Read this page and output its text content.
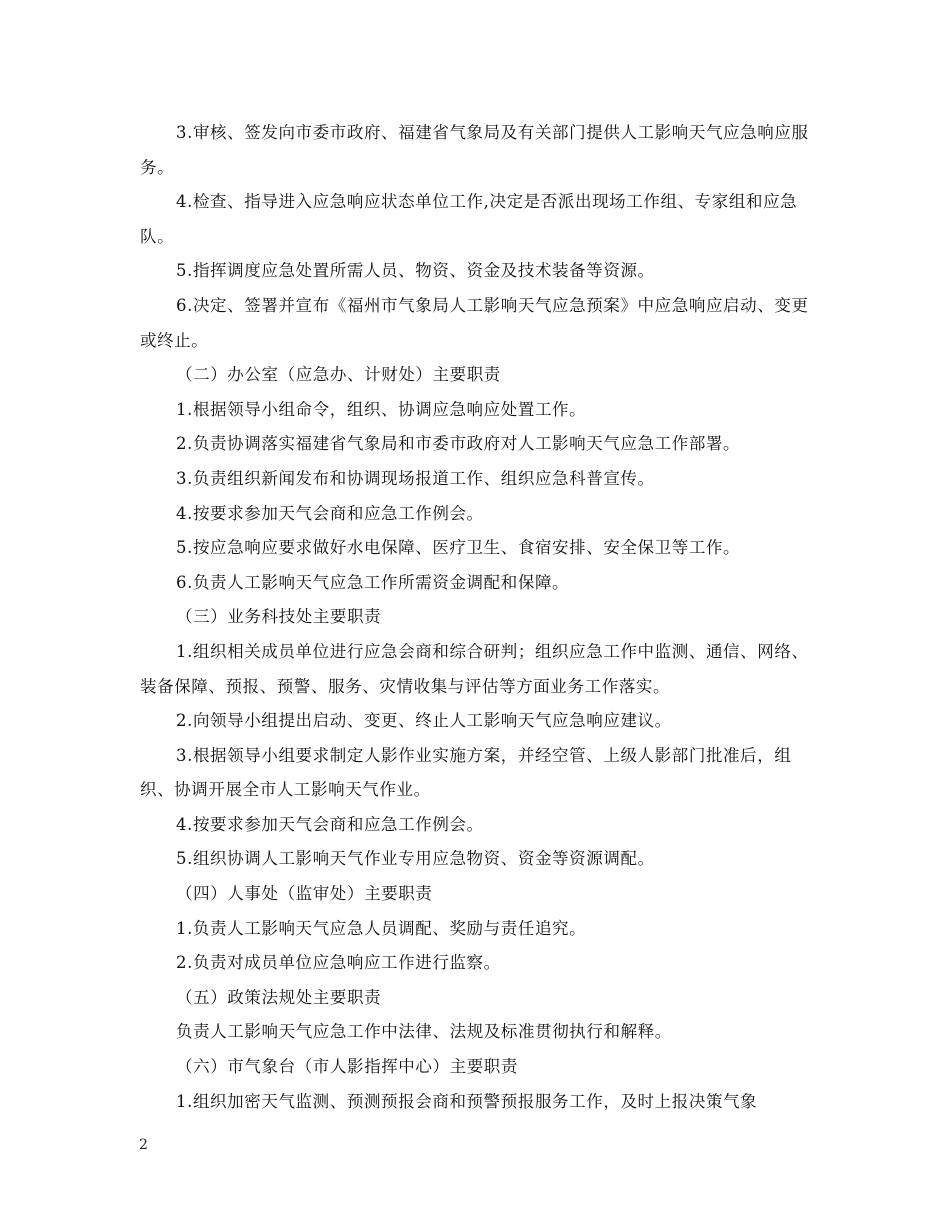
3.审核、签发向市委市政府、福建省气象局及有关部门提供人工影响天气应急响应服务。

4.检查、指导进入应急响应状态单位工作,决定是否派出现场工作组、专家组和应急队。

5.指挥调度应急处置所需人员、物资、资金及技术装备等资源。

6.决定、签署并宣布《福州市气象局人工影响天气应急预案》中应急响应启动、变更或终止。

（二）办公室（应急办、计财处）主要职责

1.根据领导小组命令，组织、协调应急响应处置工作。

2.负责协调落实福建省气象局和市委市政府对人工影响天气应急工作部署。

3.负责组织新闻发布和协调现场报道工作、组织应急科普宣传。

4.按要求参加天气会商和应急工作例会。

5.按应急响应要求做好水电保障、医疗卫生、食宿安排、安全保卫等工作。

6.负责人工影响天气应急工作所需资金调配和保障。

（三）业务科技处主要职责

1.组织相关成员单位进行应急会商和综合研判；组织应急工作中监测、通信、网络、装备保障、预报、预警、服务、灾情收集与评估等方面业务工作落实。

2.向领导小组提出启动、变更、终止人工影响天气应急响应建议。

3.根据领导小组要求制定人影作业实施方案，并经空管、上级人影部门批准后，组织、协调开展全市人工影响天气作业。

4.按要求参加天气会商和应急工作例会。

5.组织协调人工影响天气作业专用应急物资、资金等资源调配。

（四）人事处（监审处）主要职责

1.负责人工影响天气应急人员调配、奖励与责任追究。

2.负责对成员单位应急响应工作进行监察。

（五）政策法规处主要职责

负责人工影响天气应急工作中法律、法规及标准贯彻执行和解释。

（六）市气象台（市人影指挥中心）主要职责

1.组织加密天气监测、预测预报会商和预警预报服务工作，及时上报决策气象

2
